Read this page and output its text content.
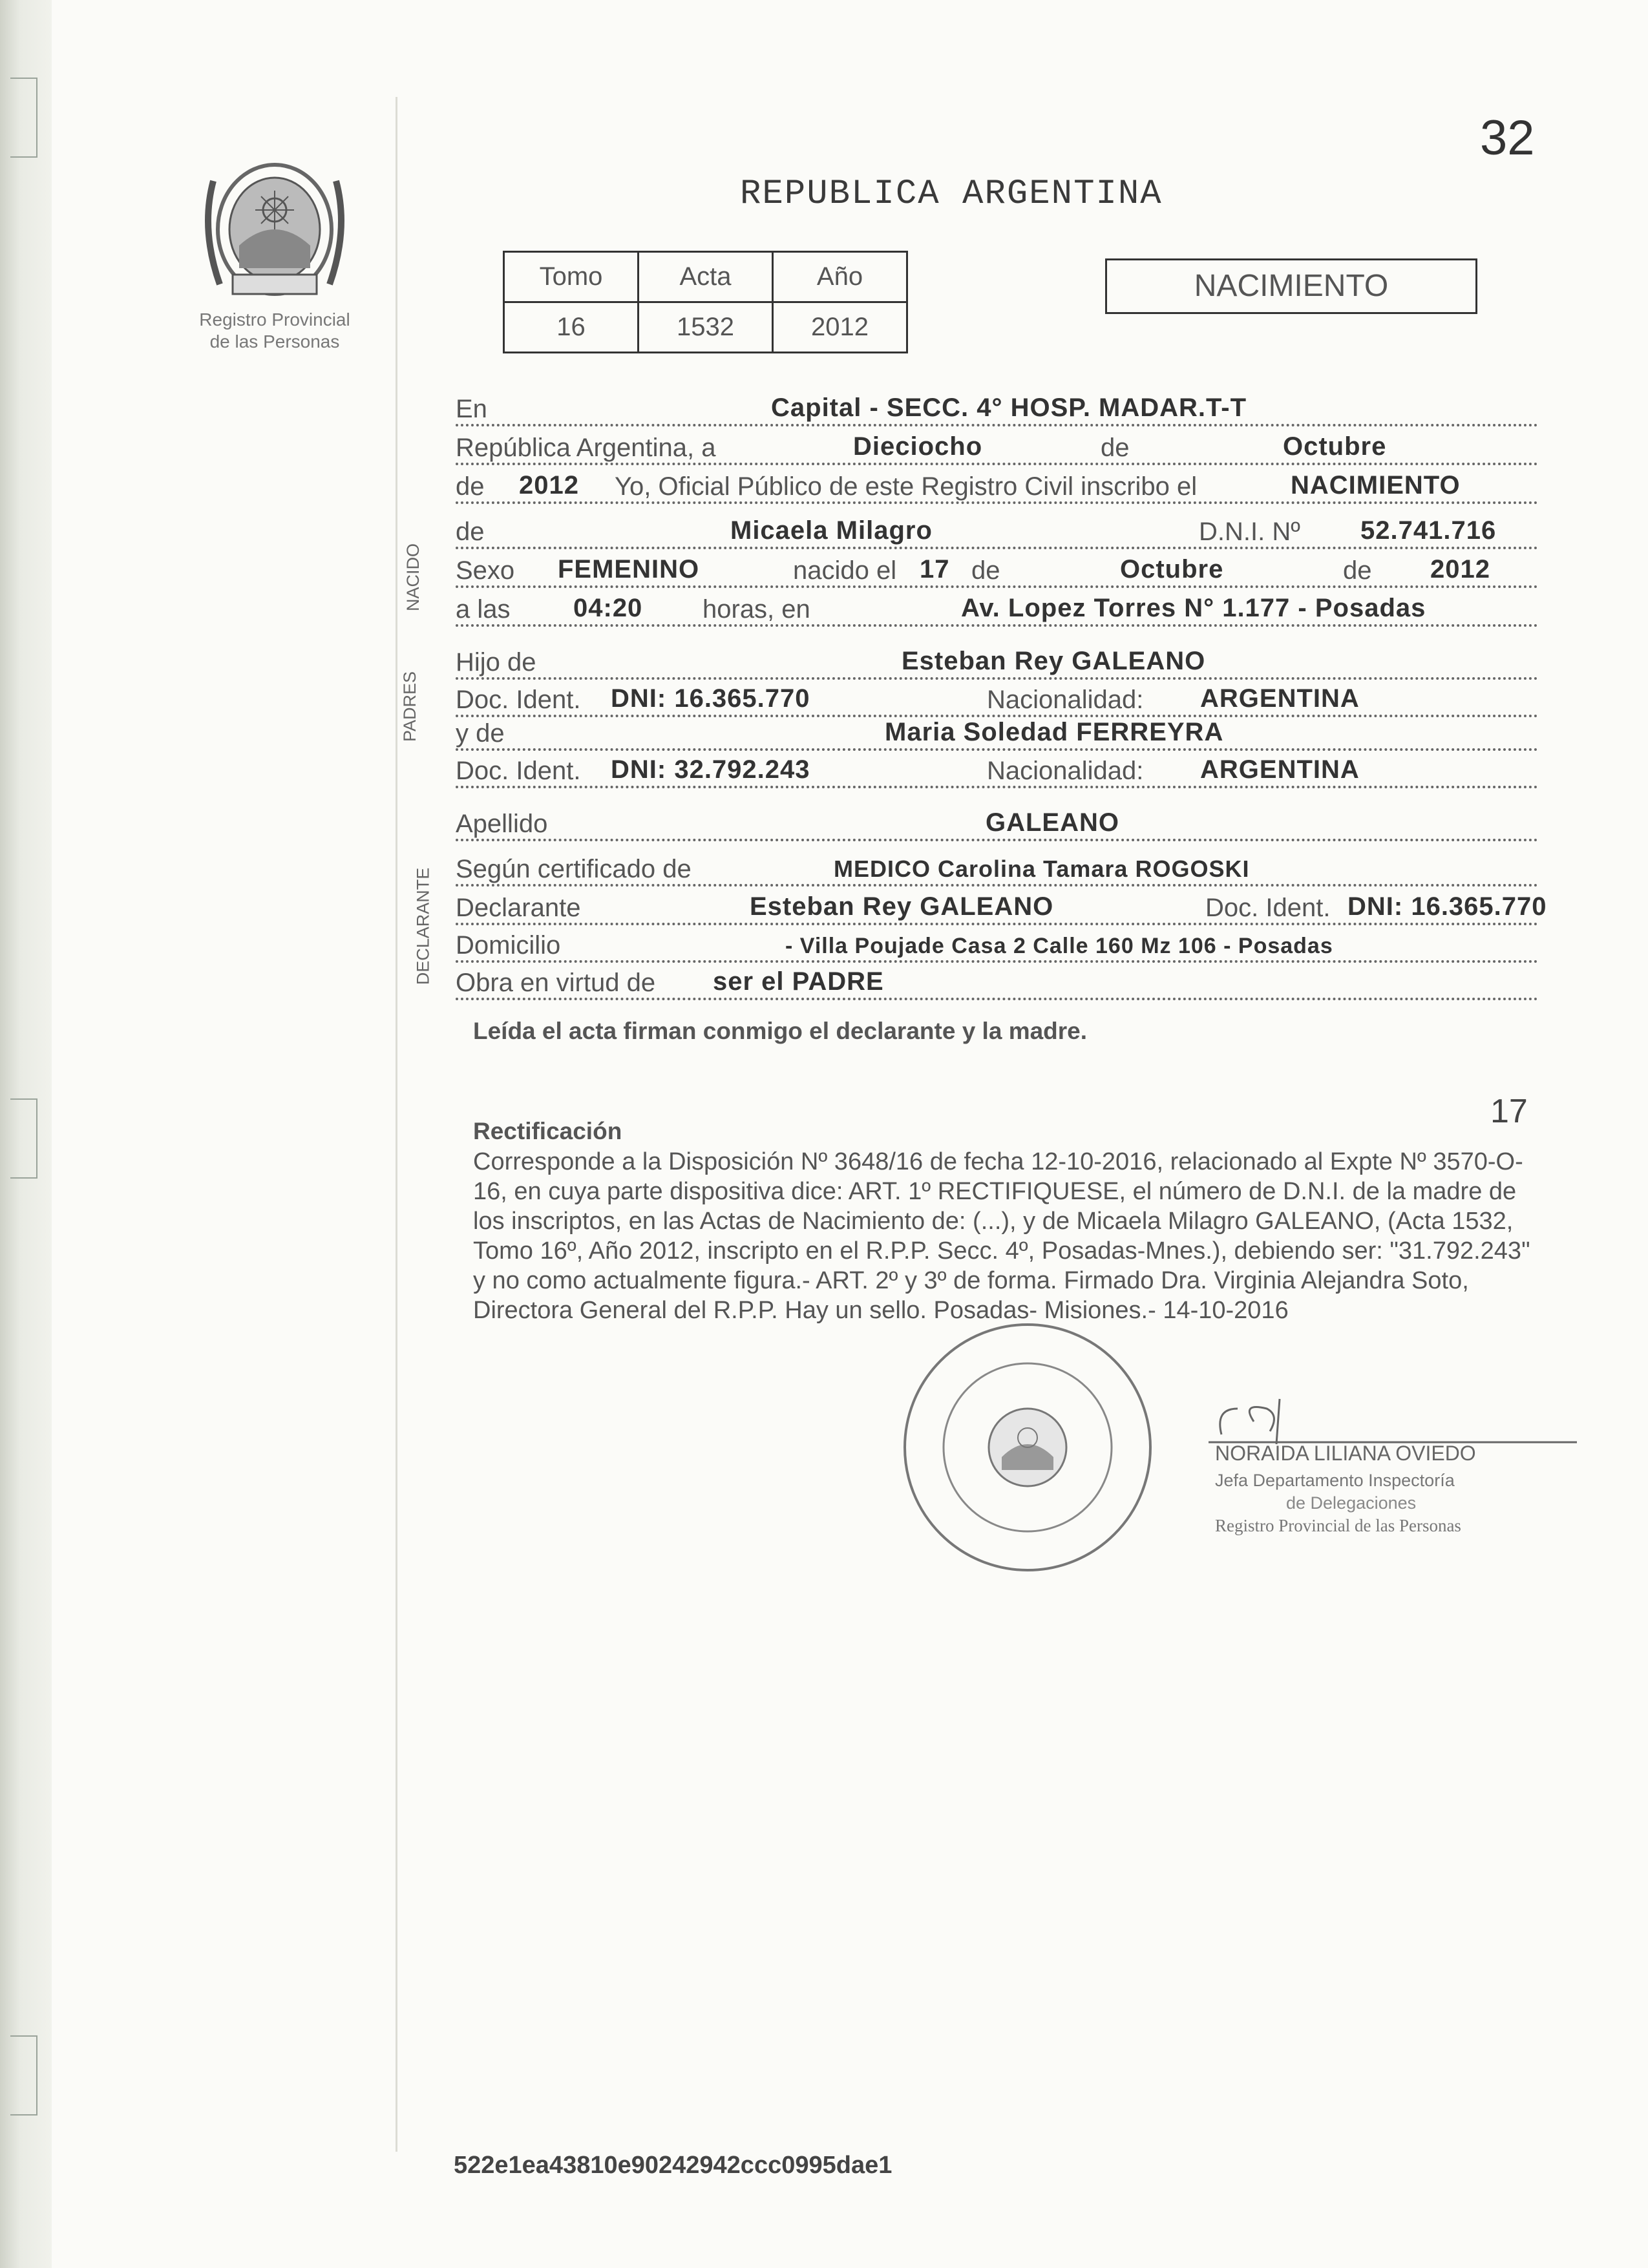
32
REPUBLICA ARGENTINA
Registro Provincial
de las Personas
Tomo	Acta	Año
16	1532	2012
NACIMIENTO
NACIDO
PADRES
DECLARANTE
En	Capital - SECC. 4° HOSP. MADAR.T-T
República Argentina, a	Dieciocho	de	Octubre
de 2012 Yo, Oficial Público de este Registro Civil inscribo el	NACIMIENTO
de	Micaela Milagro	D.N.I. Nº 52.741.716
Sexo FEMENINO	nacido el 17 de	Octubre	de 2012
a las 04:20 horas, en	Av. Lopez Torres N° 1.177 - Posadas
Hijo de	Esteban Rey GALEANO
Doc. Ident. DNI: 16.365.770	Nacionalidad: ARGENTINA
y de	Maria Soledad FERREYRA
Doc. Ident. DNI: 32.792.243	Nacionalidad: ARGENTINA
Apellido	GALEANO
Según certificado de	MEDICO Carolina Tamara ROGOSKI
Declarante	Esteban Rey GALEANO	Doc. Ident. DNI: 16.365.770
Domicilio	- Villa Poujade Casa 2 Calle 160 Mz 106 - Posadas
Obra en virtud de ser el PADRE
Leída el acta firman conmigo el declarante y la madre.
17
Rectificación
Corresponde a la Disposición Nº 3648/16 de fecha 12-10-2016, relacionado al Expte Nº 3570-O-16, en cuya parte dispositiva dice: ART. 1º RECTIFIQUESE, el número de D.N.I. de la madre de los inscriptos, en las Actas de Nacimiento de: (...), y de Micaela Milagro GALEANO, (Acta 1532, Tomo 16º, Año 2012, inscripto en el R.P.P. Secc. 4º, Posadas-Mnes.), debiendo ser: "31.792.243" y no como actualmente figura.- ART. 2º y 3º de forma. Firmado Dra. Virginia Alejandra Soto, Directora General del R.P.P. Hay un sello. Posadas- Misiones.- 14-10-2016
NORAIDA LILIANA OVIEDO
Jefa Departamento Inspectoría
de Delegaciones
Registro Provincial de las Personas
522e1ea43810e90242942ccc0995dae1
